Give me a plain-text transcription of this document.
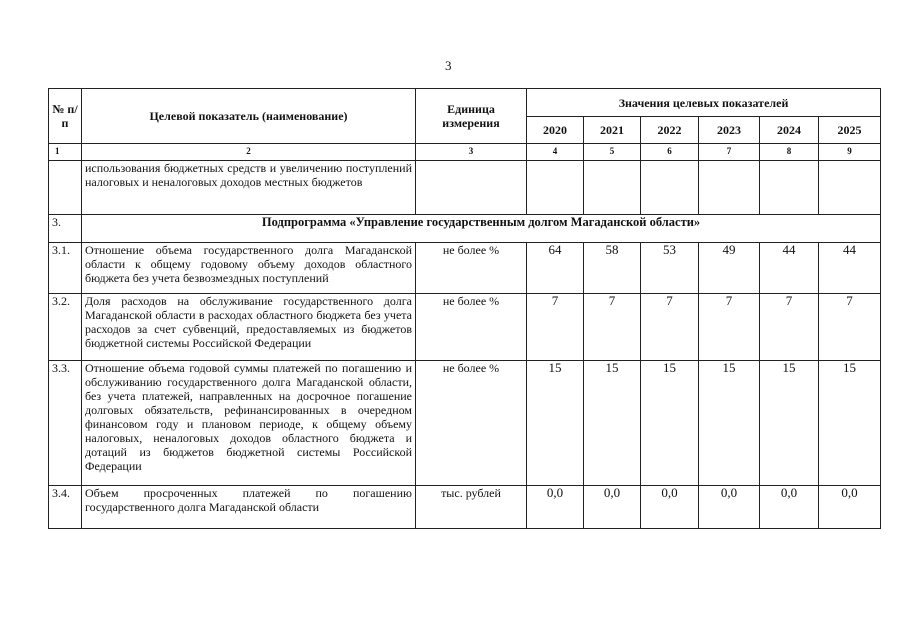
3
№ п/п	Целевой показатель (наименование)	Единица измерения	Значения целевых показателей					
			2020	2021	2022	2023	2024	2025
1	2	3	4	5	6	7	8	9
	использования бюджетных средств и увеличению поступлений налоговых и неналоговых доходов местных бюджетов							
3.	Подпрограмма «Управление государственным долгом Магаданской области»							
3.1.	Отношение объема государственного долга Магаданской области к общему годовому объему доходов областного бюджета без учета безвозмездных поступлений	не более %	64	58	53	49	44	44
3.2.	Доля расходов на обслуживание государственного долга Магаданской области в расходах областного бюджета без учета расходов за счет субвенций, предоставляемых из бюджетов бюджетной системы Российской Федерации	не более %	7	7	7	7	7	7
3.3.	Отношение объема годовой суммы платежей по погашению и обслуживанию государственного долга Магаданской области, без учета платежей, направленных на досрочное погашение долговых обязательств, рефинансированных в очередном финансовом году и плановом периоде, к общему объему налоговых, неналоговых доходов областного бюджета и дотаций из бюджетов бюджетной системы Российской Федерации	не более %	15	15	15	15	15	15
3.4.	Объем просроченных платежей по погашению государственного долга Магаданской области	тыс. рублей	0,0	0,0	0,0	0,0	0,0	0,0
